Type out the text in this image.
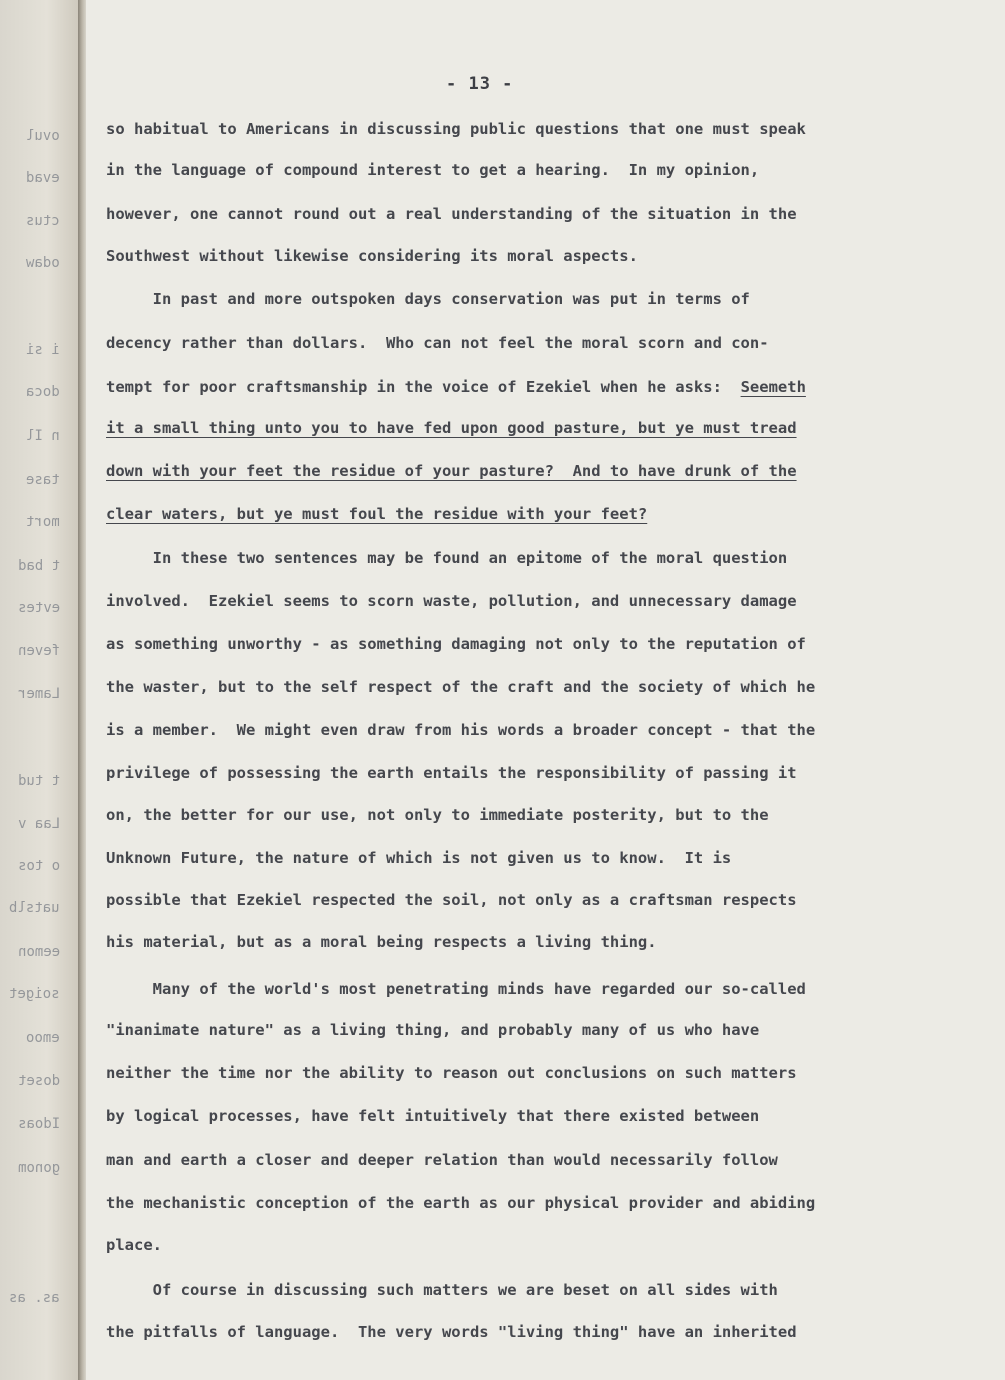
ovul
evad
ctus
odaw
i si
doca
n Il
tase
mort
t bad
evtes
feven
Lamer
t tud
Laa v
o tos
uatslb
eemon
soiget
emoo
doset
Idoas
gonom
as. as
- 13 -
so habitual to Americans in discussing public questions that one must speak
in the language of compound interest to get a hearing.  In my opinion,
however, one cannot round out a real understanding of the situation in the
Southwest without likewise considering its moral aspects.
In past and more outspoken days conservation was put in terms of
decency rather than dollars.  Who can not feel the moral scorn and con-
tempt for poor craftsmanship in the voice of Ezekiel when he asks: Seemeth
it a small thing unto you to have fed upon good pasture, but ye must tread
down with your feet the residue of your pasture?  And to have drunk of the
clear waters, but ye must foul the residue with your feet?
In these two sentences may be found an epitome of the moral question
involved.  Ezekiel seems to scorn waste, pollution, and unnecessary damage
as something unworthy - as something damaging not only to the reputation of
the waster, but to the self respect of the craft and the society of which he
is a member.  We might even draw from his words a broader concept - that the
privilege of possessing the earth entails the responsibility of passing it
on, the better for our use, not only to immediate posterity, but to the
Unknown Future, the nature of which is not given us to know.  It is
possible that Ezekiel respected the soil, not only as a craftsman respects
his material, but as a moral being respects a living thing.
Many of the world's most penetrating minds have regarded our so-called
"inanimate nature" as a living thing, and probably many of us who have
neither the time nor the ability to reason out conclusions on such matters
by logical processes, have felt intuitively that there existed between
man and earth a closer and deeper relation than would necessarily follow
the mechanistic conception of the earth as our physical provider and abiding
place.
Of course in discussing such matters we are beset on all sides with
the pitfalls of language.  The very words "living thing" have an inherited
